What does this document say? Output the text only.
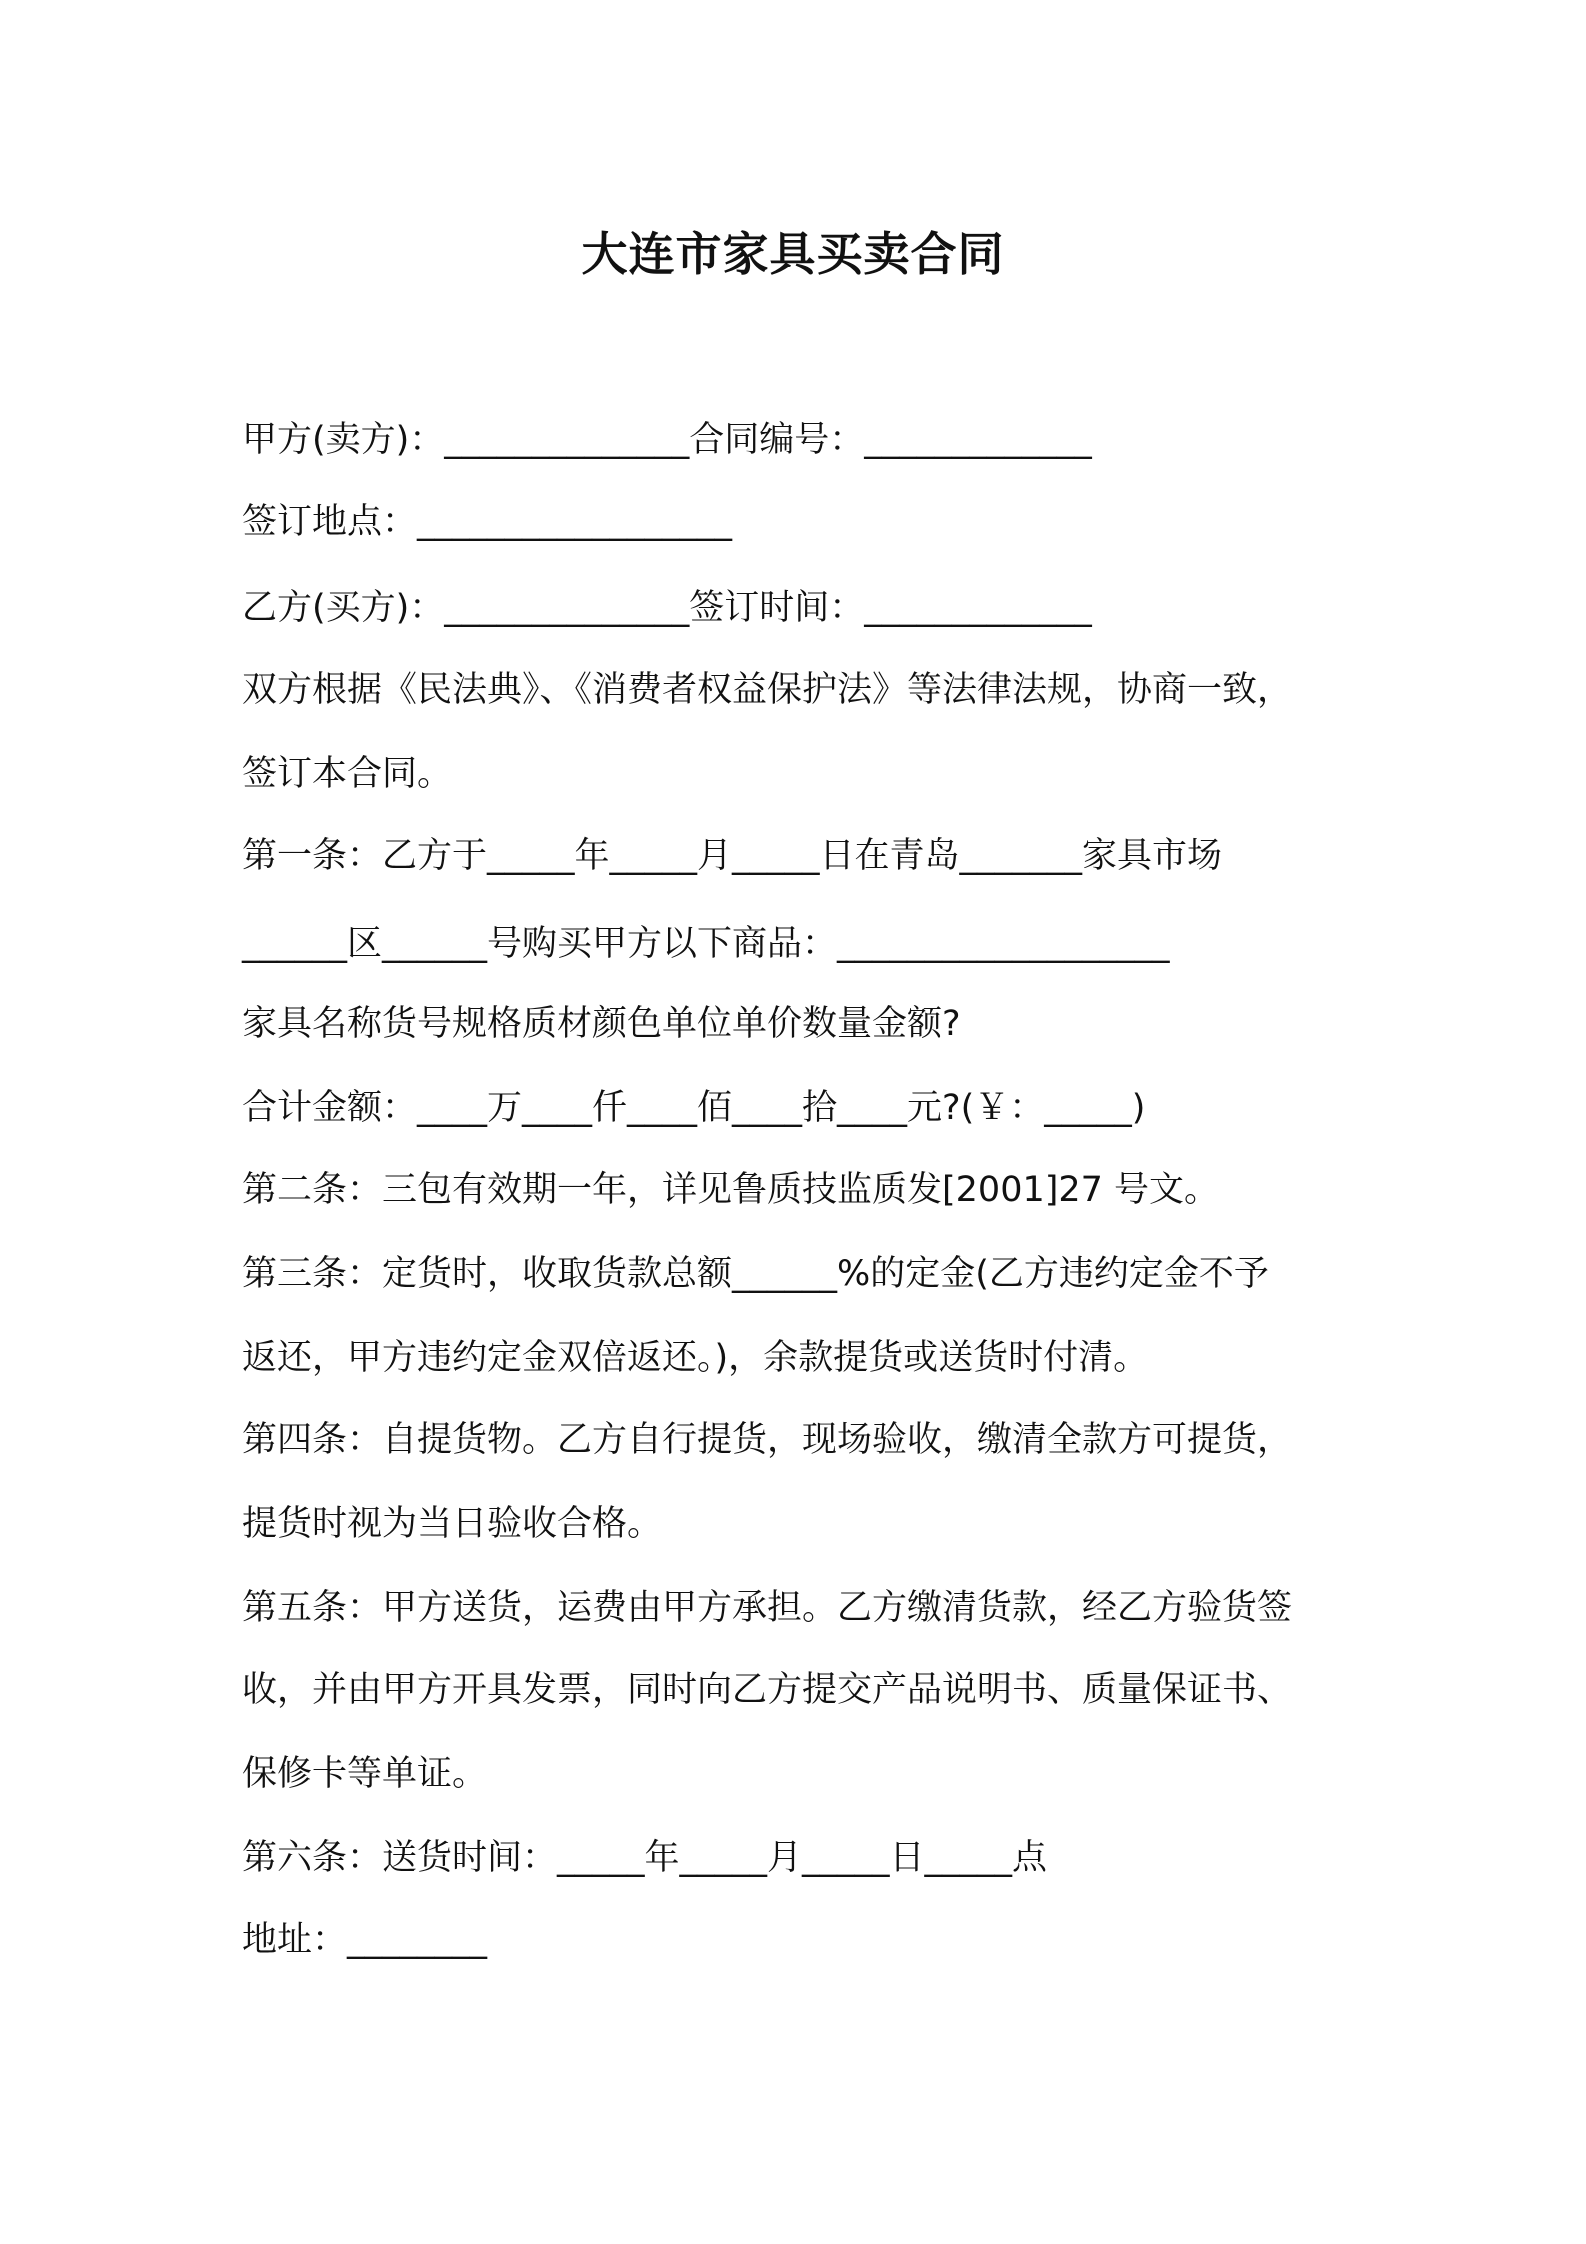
大连市家具买卖合同
甲方(卖方)：______________合同编号：_____________
签订地点：__________________
乙方(买方)：______________签订时间：_____________
双方根据《民法典》、《消费者权益保护法》等法律法规，协商一致，
签订本合同。
第一条：乙方于_____年_____月_____日在青岛_______家具市场
______区______号购买甲方以下商品：___________________
家具名称货号规格质材颜色单位单价数量金额?
合计金额：____万____仟____佰____拾____元?(￥：_____)
第二条：三包有效期一年，详见鲁质技监质发[2001]27 号文。
第三条：定货时，收取货款总额______%的定金(乙方违约定金不予
返还，甲方违约定金双倍返还。)，余款提货或送货时付清。
第四条：自提货物。乙方自行提货，现场验收，缴清全款方可提货，
提货时视为当日验收合格。
第五条：甲方送货，运费由甲方承担。乙方缴清货款，经乙方验货签
收，并由甲方开具发票，同时向乙方提交产品说明书、质量保证书、
保修卡等单证。
第六条：送货时间：_____年_____月_____日_____点
地址：________
